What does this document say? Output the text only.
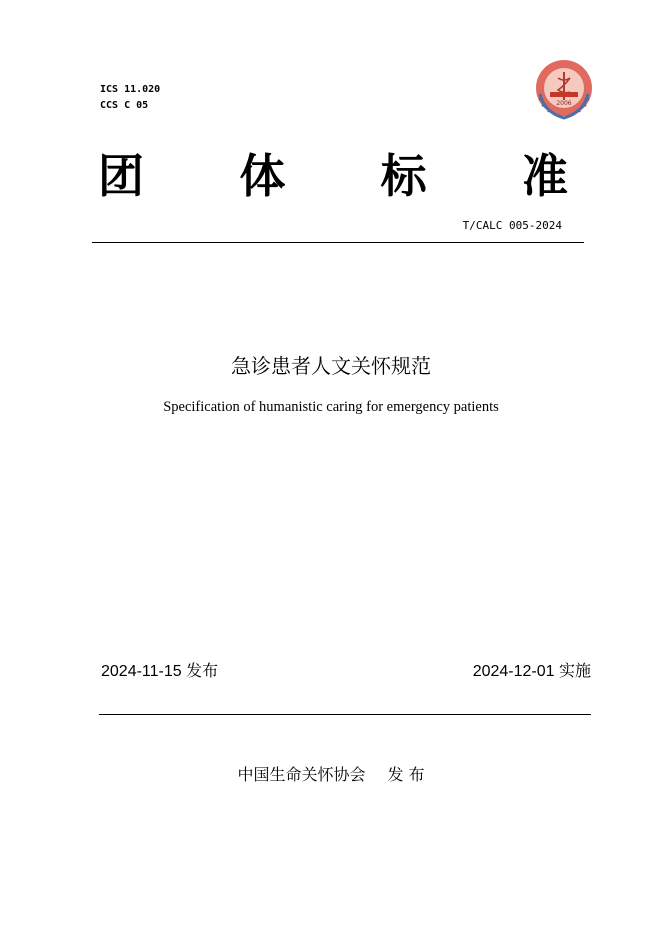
ICS 11.020
CCS C 05	2006
团 体 标 准
T/CALC 005-2024
急诊患者人文关怀规范
Specification of humanistic caring for emergency patients
2024-11-15 发布	2024-12-01 实施
中国生命关怀协会 发 布
